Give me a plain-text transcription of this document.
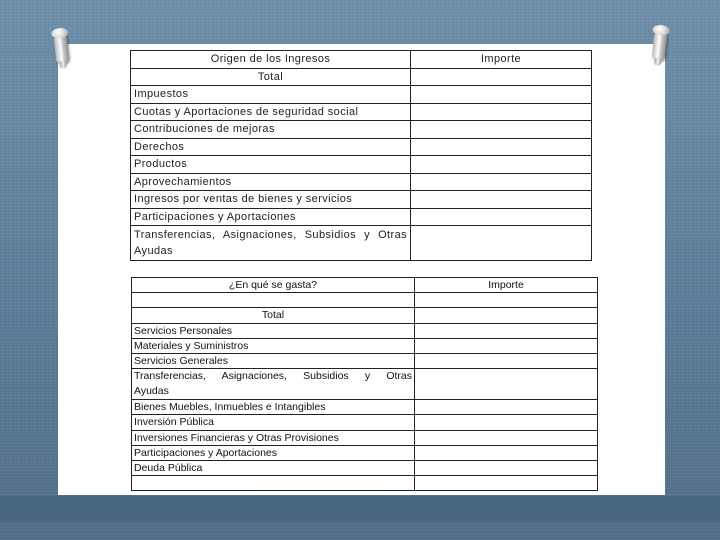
Origen de los Ingresos	Importe
Total	
Impuestos	
Cuotas y Aportaciones de seguridad social	
Contribuciones de mejoras	
Derechos	
Productos	
Aprovechamientos	
Ingresos por ventas de bienes y servicios	
Participaciones y Aportaciones	

Transferencias, Asignaciones, Subsidios y Otras
Ayudas	
¿En qué se gasta?	Importe

Total	
Servicios Personales	
Materiales y Suministros	
Servicios Generales	

Transferencias, Asignaciones, Subsidios y Otras
Ayudas	
Bienes Muebles, Inmuebles e Intangibles	
Inversión Pública	
Inversiones Financieras y Otras Provisiones	
Participaciones y Aportaciones	
Deuda Pública	
